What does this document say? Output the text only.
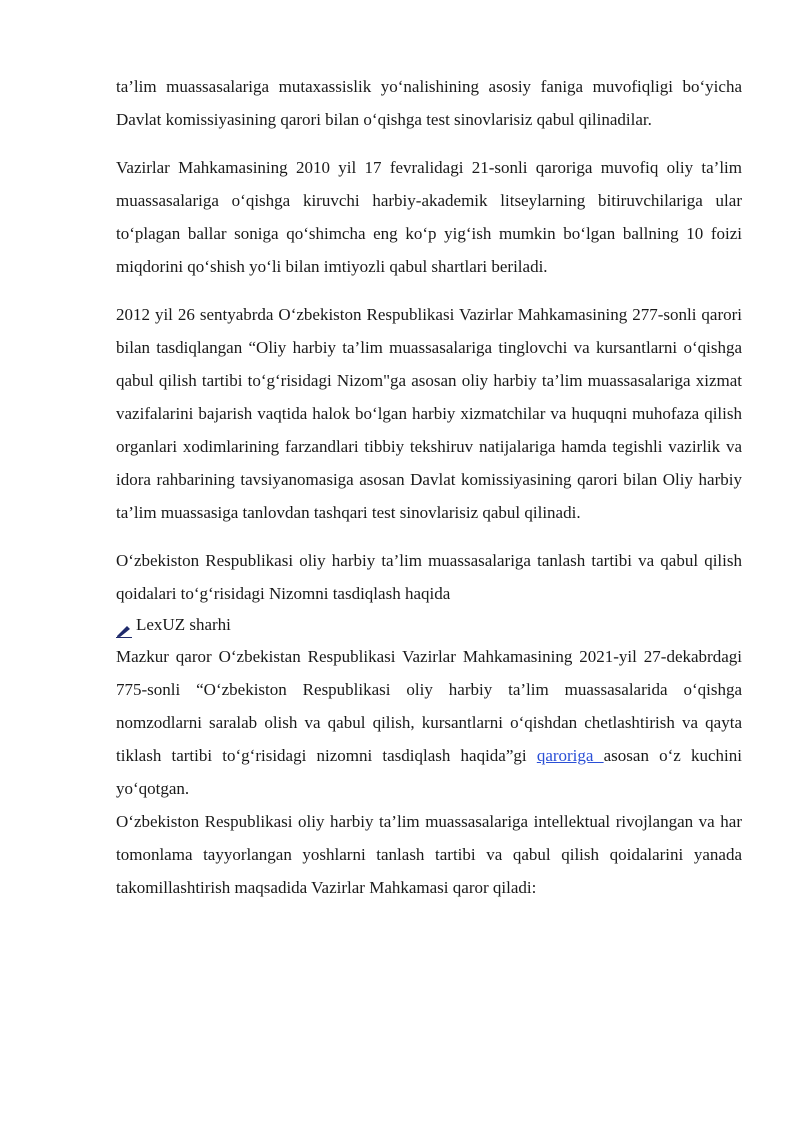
ta’lim muassasalariga mutaxassislik yo‘nalishining asosiy faniga muvofiqligi bo‘yicha Davlat komissiyasining qarori bilan o‘qishga test sinovlarisiz qabul qilinadilar.

Vazirlar Mahkamasining 2010 yil 17 fevralidagi 21-sonli qaroriga muvofiq oliy ta’lim muassasalariga o‘qishga kiruvchi harbiy-akademik litseylarning bitiruvchilariga ular to‘plagan ballar soniga qo‘shimcha eng ko‘p yig‘ish mumkin bo‘lgan ballning 10 foizi miqdorini qo‘shish yo‘li bilan imtiyozli qabul shartlari beriladi.

2012 yil 26 sentyabrda O‘zbekiston Respublikasi Vazirlar Mahkamasining 277-sonli qarori bilan tasdiqlangan “Oliy harbiy ta’lim muassasalariga tinglovchi va kursantlarni o‘qishga qabul qilish tartibi to‘g‘risidagi Nizom"ga asosan oliy harbiy ta’lim muassasalariga xizmat vazifalarini bajarish vaqtida halok bo‘lgan harbiy xizmatchilar va huquqni muhofaza qilish organlari xodimlarining farzandlari tibbiy tekshiruv natijalariga hamda tegishli vazirlik va idora rahbarining tavsiyanomasiga asosan Davlat komissiyasining qarori bilan Oliy harbiy ta’lim muassasiga tanlovdan tashqari test sinovlarisiz qabul qilinadi.

O‘zbekiston Respublikasi oliy harbiy ta’lim muassasalariga tanlash tartibi va qabul qilish qoidalari to‘g‘risidagi Nizomni tasdiqlash haqida

LexUZ sharhi

Mazkur qaror O‘zbekistan Respublikasi Vazirlar Mahkamasining 2021-yil 27-dekabrdagi 775-sonli “O‘zbekiston Respublikasi oliy harbiy ta’lim muassasalarida o‘qishga nomzodlarni saralab olish va qabul qilish, kursantlarni o‘qishdan chetlashtirish va qayta tiklash tartibi to‘g‘risidagi nizomni tasdiqlash haqida”gi qaroriga asosan o‘z kuchini yo‘qotgan.

O‘zbekiston Respublikasi oliy harbiy ta’lim muassasalariga intellektual rivojlangan va har tomonlama tayyorlangan yoshlarni tanlash tartibi va qabul qilish qoidalarini yanada takomillashtirish maqsadida Vazirlar Mahkamasi qaror qiladi:
